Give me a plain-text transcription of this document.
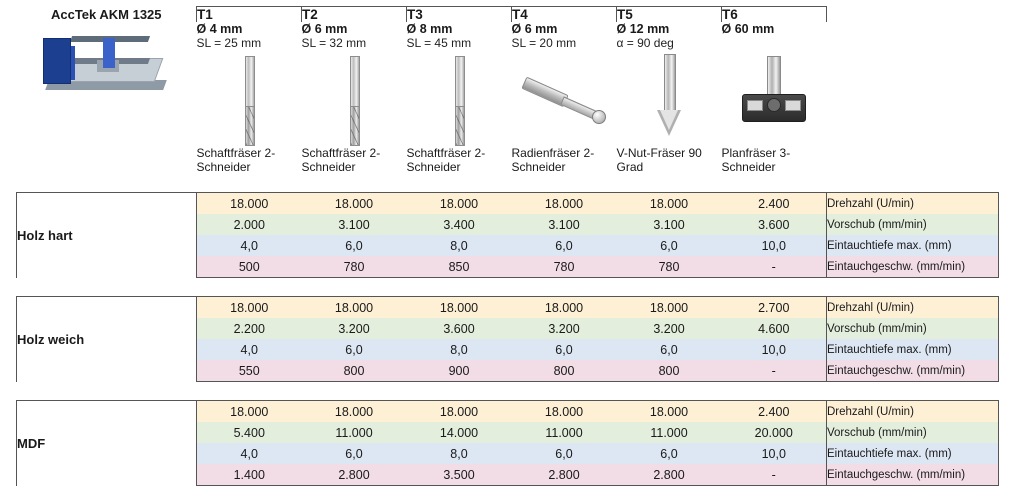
AccTek AKM 1325	T1	T2	T3	T4	T5	T6	
	Ø 4 mm	Ø 6 mm	Ø 8 mm	Ø 6 mm	Ø 12 mm	Ø 60 mm	
	SL = 25 mm	SL = 32 mm	SL = 45 mm	SL = 20 mm	α = 90 deg		

	Schaftfräser 2-Schneider	Schaftfräser 2-Schneider	Schaftfräser 2-Schneider	Radienfräser 2-Schneider	V-Nut-Fräser 90 Grad	Planfräser 3-Schneider	

Holz hart	18.000	18.000	18.000	18.000	18.000	2.400	Drehzahl (U/min)
	2.000	3.100	3.400	3.100	3.100	3.600	Vorschub (mm/min)
	4,0	6,0	8,0	6,0	6,0	10,0	Eintauchtiefe max. (mm)
	500	780	850	780	780	-	Eintauchgeschw. (mm/min)

Holz weich	18.000	18.000	18.000	18.000	18.000	2.700	Drehzahl (U/min)
	2.200	3.200	3.600	3.200	3.200	4.600	Vorschub (mm/min)
	4,0	6,0	8,0	6,0	6,0	10,0	Eintauchtiefe max. (mm)
	550	800	900	800	800	-	Eintauchgeschw. (mm/min)

MDF	18.000	18.000	18.000	18.000	18.000	2.400	Drehzahl (U/min)
	5.400	11.000	14.000	11.000	11.000	20.000	Vorschub (mm/min)
	4,0	6,0	8,0	6,0	6,0	10,0	Eintauchtiefe max. (mm)
	1.400	2.800	3.500	2.800	2.800	-	Eintauchgeschw. (mm/min)
